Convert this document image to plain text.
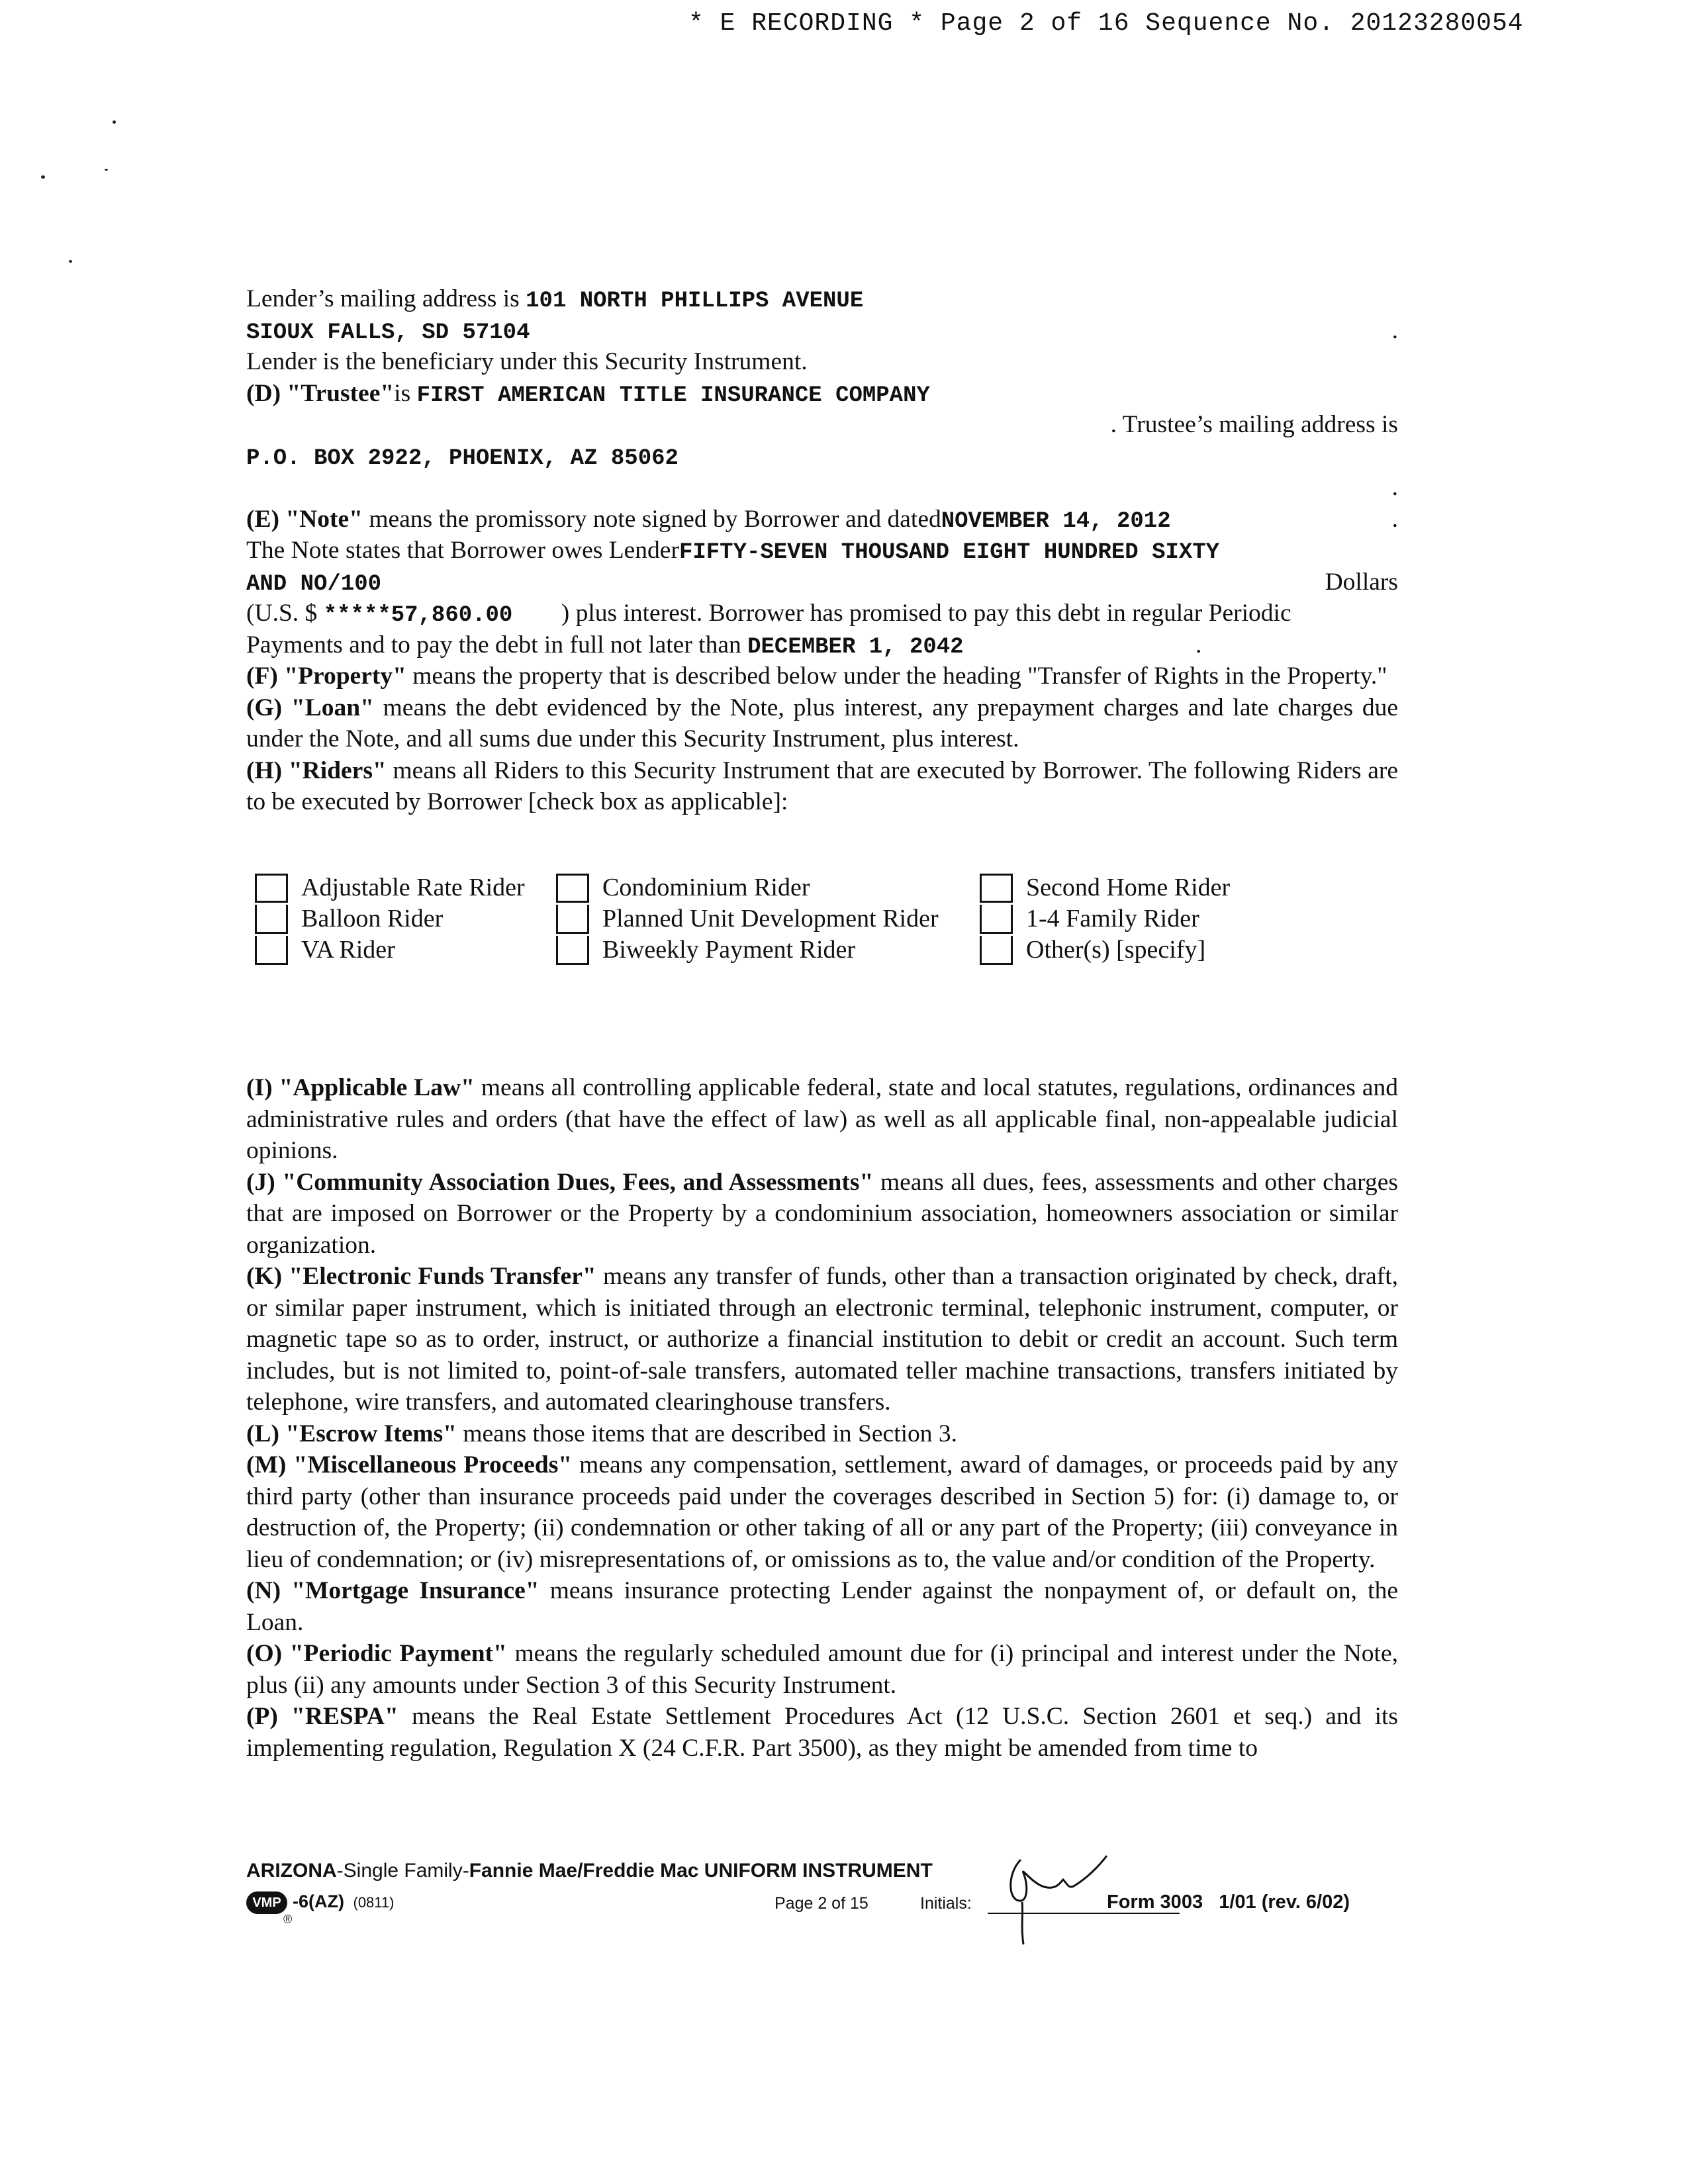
* E RECORDING * Page 2 of 16 Sequence No. 20123280054
Lender’s mailing address is 101 NORTH PHILLIPS AVENUE
SIOUX FALLS, SD 57104	.
Lender is the beneficiary under this Security Instrument.
(D) "Trustee"is FIRST AMERICAN TITLE INSURANCE COMPANY
. Trustee’s mailing address is
P.O. BOX 2922, PHOENIX, AZ 85062
.
(E) "Note" means the promissory note signed by Borrower and datedNOVEMBER 14, 2012	.
The Note states that Borrower owes LenderFIFTY-SEVEN THOUSAND EIGHT HUNDRED SIXTY
AND NO/100	Dollars
(U.S. $ *****57,860.00 ) plus interest. Borrower has promised to pay this debt in regular Periodic
Payments and to pay the debt in full not later than DECEMBER 1, 2042	.

(F) "Property" means the property that is described below under the heading "Transfer of Rights in the Property."

(G) "Loan" means the debt evidenced by the Note, plus interest, any prepayment charges and late charges due under the Note, and all sums due under this Security Instrument, plus interest.

(H) "Riders" means all Riders to this Security Instrument that are executed by Borrower. The following Riders are to be executed by Borrower [check box as applicable]:

Adjustable Rate Rider
Balloon Rider
VA Rider
Condominium Rider
Planned Unit Development Rider
Biweekly Payment Rider
Second Home Rider
1-4 Family Rider
Other(s) [specify]

(I) "Applicable Law" means all controlling applicable federal, state and local statutes, regulations, ordinances and administrative rules and orders (that have the effect of law) as well as all applicable final, non-appealable judicial opinions.

(J) "Community Association Dues, Fees, and Assessments" means all dues, fees, assessments and other charges that are imposed on Borrower or the Property by a condominium association, homeowners association or similar organization.

(K) "Electronic Funds Transfer" means any transfer of funds, other than a transaction originated by check, draft, or similar paper instrument, which is initiated through an electronic terminal, telephonic instrument, computer, or magnetic tape so as to order, instruct, or authorize a financial institution to debit or credit an account. Such term includes, but is not limited to, point-of-sale transfers, automated teller machine transactions, transfers initiated by telephone, wire transfers, and automated clearinghouse transfers.

(L) "Escrow Items" means those items that are described in Section 3.

(M) "Miscellaneous Proceeds" means any compensation, settlement, award of damages, or proceeds paid by any third party (other than insurance proceeds paid under the coverages described in Section 5) for: (i) damage to, or destruction of, the Property; (ii) condemnation or other taking of all or any part of the Property; (iii) conveyance in lieu of condemnation; or (iv) misrepresentations of, or omissions as to, the value and/or condition of the Property.

(N) "Mortgage Insurance" means insurance protecting Lender against the nonpayment of, or default on, the Loan.

(O) "Periodic Payment" means the regularly scheduled amount due for (i) principal and interest under the Note, plus (ii) any amounts under Section 3 of this Security Instrument.

(P) "RESPA" means the Real Estate Settlement Procedures Act (12 U.S.C. Section 2601 et seq.) and its implementing regulation, Regulation X (24 C.F.R. Part 3500), as they might be amended from time to

ARIZONA-Single Family-Fannie Mae/Freddie Mac UNIFORM INSTRUMENT
VMP
®
-6(AZ) (0811)	Page 2 of 15	Initials:	Form 3003   1/01 (rev. 6/02)
